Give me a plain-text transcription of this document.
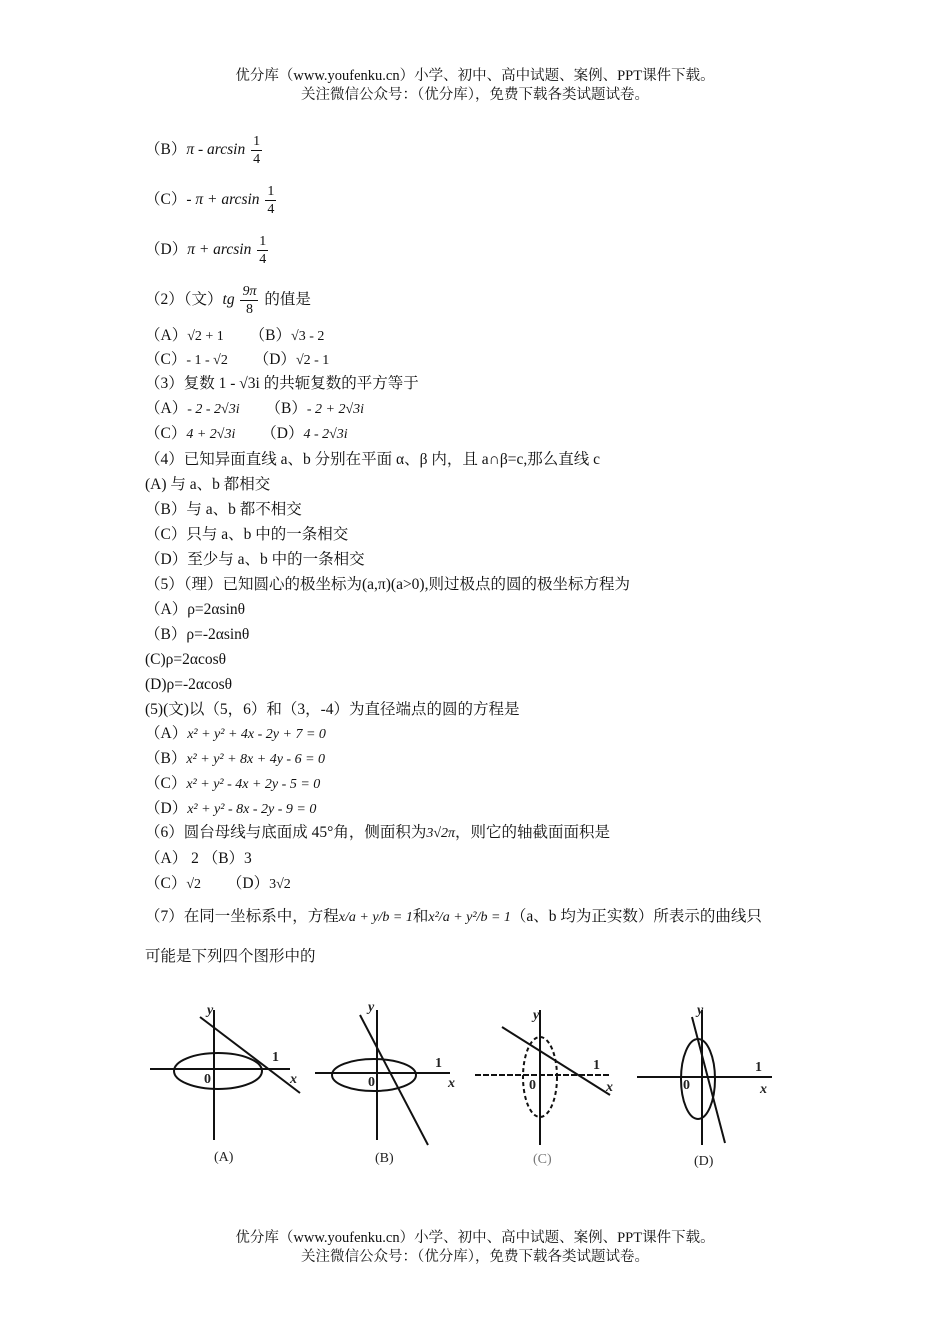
优分库（www.youfenku.cn）小学、初中、高中试题、案例、PPT课件下载。
关注微信公众号：（优分库），免费下载各类试题试卷。
$(B)\pi - \arcsin \frac{1}{4}$
（C）- $\pi + \arcsin \frac{1}{4}$
$(D)\pi + \arcsin \frac{1}{4}$
（2）（文）$tg \frac{9\pi}{8}$ 的值是
（A）√2 + 1 （B）√3 - 2
（C）- 1 - √2 （D）√2 - 1
（3）复数 1 - √3i 的共轭复数的平方等于
（A）- 2 - 2√3i （B）- 2 + 2√3i
（C）4 + 2√3i （D）4 - 2√3i
（4）已知异面直线 a、b 分别在平面 α、β 内，且 a∩β=c,那么直线 c
(A) 与 a、b 都相交
（B）与 a、b 都不相交
（C）只与 a、b 中的一条相交
（D）至少与 a、b 中的一条相交
（5）（理）已知圆心的极坐标为(a,π)(a>0),则过极点的圆的极坐标方程为
（A）ρ=2αsinθ
（B）ρ=-2αsinθ
(C)ρ=2αcosθ
(D)ρ=-2αcosθ
(5)(文)以（5，6）和（3，-4）为直径端点的圆的方程是
（A）x² + y² + 4x - 2y + 7 = 0
（B）x² + y² + 8x + 4y - 6 = 0
（C）x² + y² - 4x + 2y - 5 = 0
（D）x² + y² - 8x - 2y - 9 = 0
（6）圆台母线与底面成 45°角，侧面积为3√2π，则它的轴截面面积是
（A） 2 （B）3
（C）√2 （D）3√2
（7）在同一坐标系中，方程x/a + y/b = 1和x²/a + y²/b = 1（a、b 均为正实数）所表示的曲线只
可能是下列四个图形中的
y
0
1
x
(A)
y
0
1
x
(B)
y
0
1
x
(C)
y
0
1
x
(D)
优分库（www.youfenku.cn）小学、初中、高中试题、案例、PPT课件下载。
关注微信公众号：（优分库），免费下载各类试题试卷。
